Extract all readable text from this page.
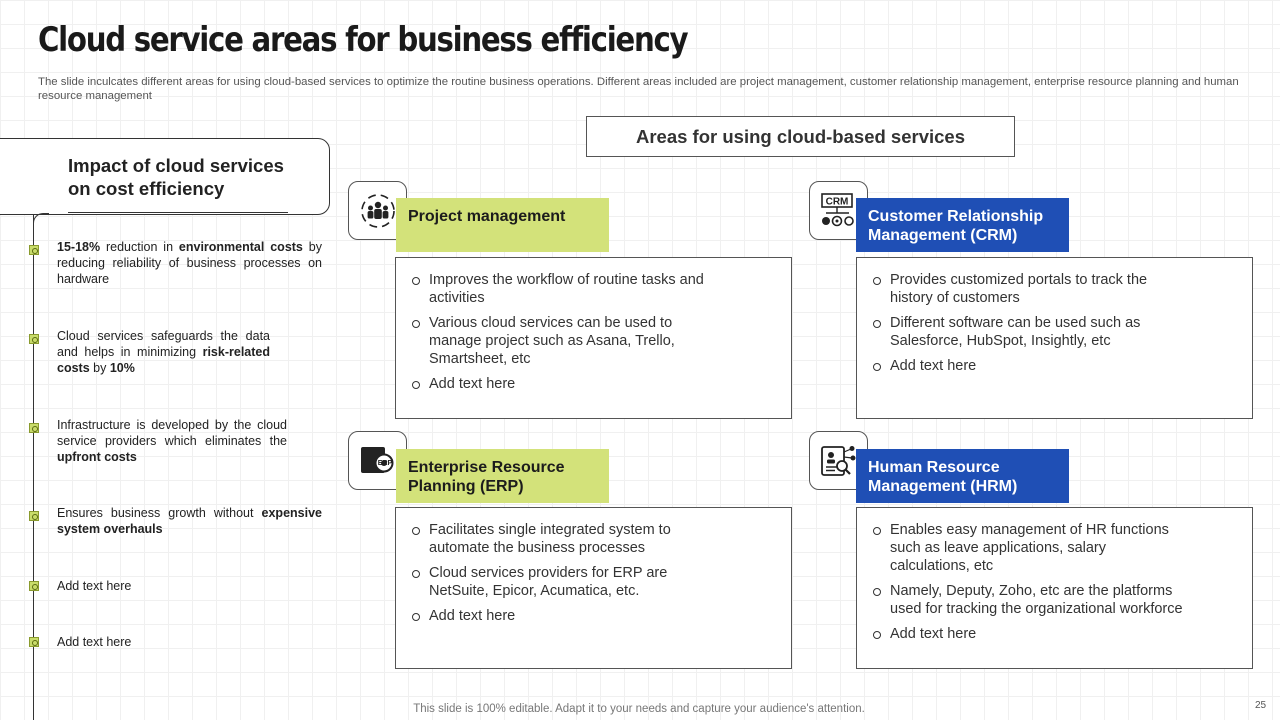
Cloud service areas for business efficiency
The slide inculcates different areas for using cloud-based services to optimize the routine business operations. Different areas included are project management, customer relationship management, enterprise resource planning and human resource management
Impact of cloud services on cost efficiency
15-18% reduction in environmental costs by reducing reliability of business processes on hardware
Cloud services safeguards the data and helps in minimizing risk-related costs by 10%
Infrastructure is developed by the cloud service providers which eliminates the upfront costs
Ensures business growth without expensive system overhauls
Add text here
Add text here
Areas for using cloud-based services
Project management
Improves the workflow of routine tasks and activities
Various cloud services can be used to manage project such as Asana, Trello, Smartsheet, etc
Add text here
CRM
Customer Relationship Management (CRM)
Provides customized portals to track the history of customers
Different software can be used such as Salesforce, HubSpot, Insightly, etc
Add text here
ERP Enterprise Resource Planning (ERP)
Facilitates single integrated system to automate the business processes
Cloud services providers for ERP are NetSuite, Epicor, Acumatica, etc.
Add text here
Human Resource Management (HRM)
Enables easy management of HR functions such as leave applications, salary calculations, etc
Namely, Deputy, Zoho, etc are the platforms used for tracking the organizational workforce
Add text here
This slide is 100% editable. Adapt it to your needs and capture your audience's attention.	25
